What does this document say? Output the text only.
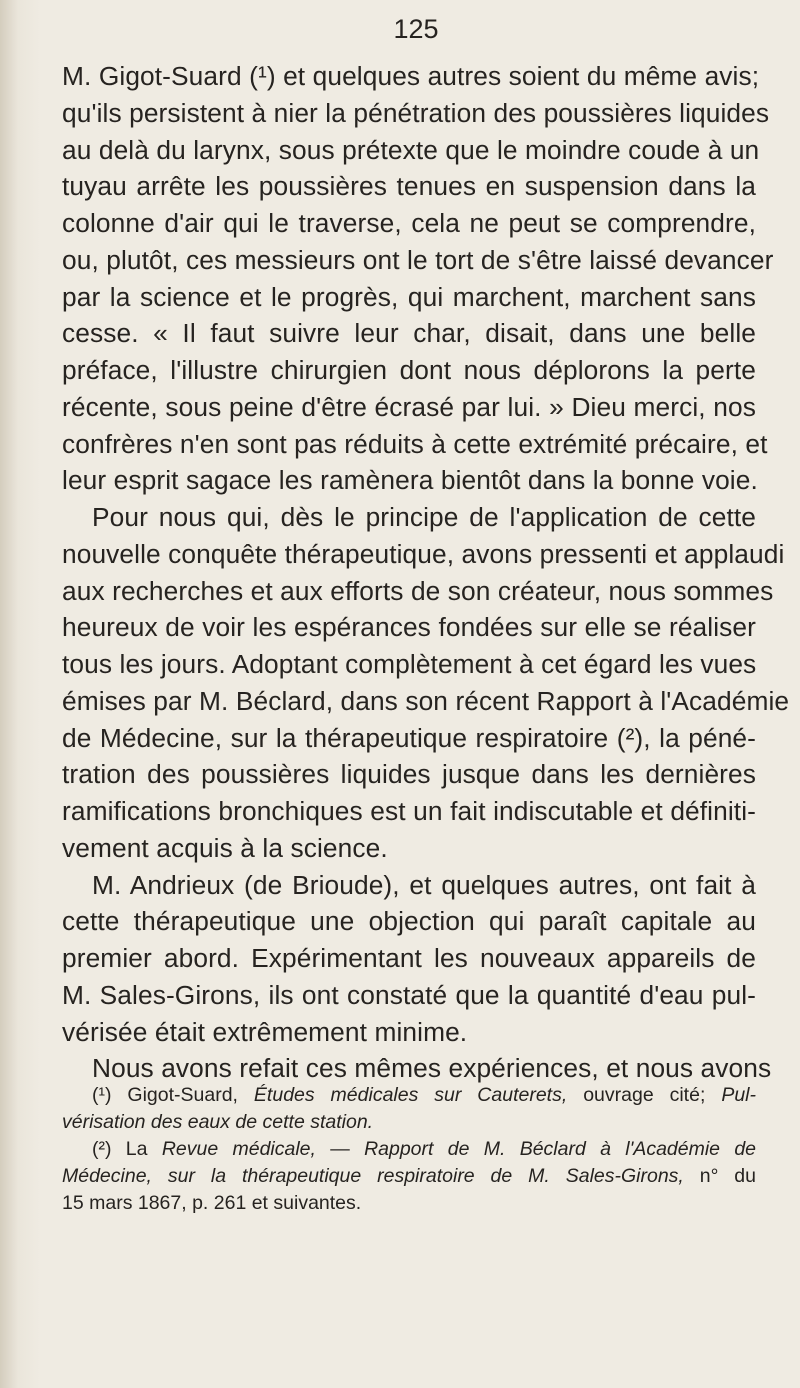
125
M. Gigot-Suard (¹) et quelques autres soient du même avis;
qu'ils persistent à nier la pénétration des poussières liquides
au delà du larynx, sous prétexte que le moindre coude à un
tuyau arrête les poussières tenues en suspension dans la
colonne d'air qui le traverse, cela ne peut se comprendre,
ou, plutôt, ces messieurs ont le tort de s'être laissé devancer
par la science et le progrès, qui marchent, marchent sans
cesse. « Il faut suivre leur char, disait, dans une belle
préface, l'illustre chirurgien dont nous déplorons la perte
récente, sous peine d'être écrasé par lui. » Dieu merci, nos
confrères n'en sont pas réduits à cette extrémité précaire, et
leur esprit sagace les ramènera bientôt dans la bonne voie.
Pour nous qui, dès le principe de l'application de cette
nouvelle conquête thérapeutique, avons pressenti et applaudi
aux recherches et aux efforts de son créateur, nous sommes
heureux de voir les espérances fondées sur elle se réaliser
tous les jours. Adoptant complètement à cet égard les vues
émises par M. Béclard, dans son récent Rapport à l'Académie
de Médecine, sur la thérapeutique respiratoire (²), la péné-
tration des poussières liquides jusque dans les dernières
ramifications bronchiques est un fait indiscutable et définiti-
vement acquis à la science.
M. Andrieux (de Brioude), et quelques autres, ont fait à
cette thérapeutique une objection qui paraît capitale au
premier abord. Expérimentant les nouveaux appareils de
M. Sales-Girons, ils ont constaté que la quantité d'eau pul-
vérisée était extrêmement minime.
Nous avons refait ces mêmes expériences, et nous avons
(¹) Gigot-Suard, Études médicales sur Cauterets, ouvrage cité; Pul-
vérisation des eaux de cette station.
(²) La Revue médicale, — Rapport de M. Béclard à l'Académie de
Médecine, sur la thérapeutique respiratoire de M. Sales-Girons, n° du
15 mars 1867, p. 261 et suivantes.
